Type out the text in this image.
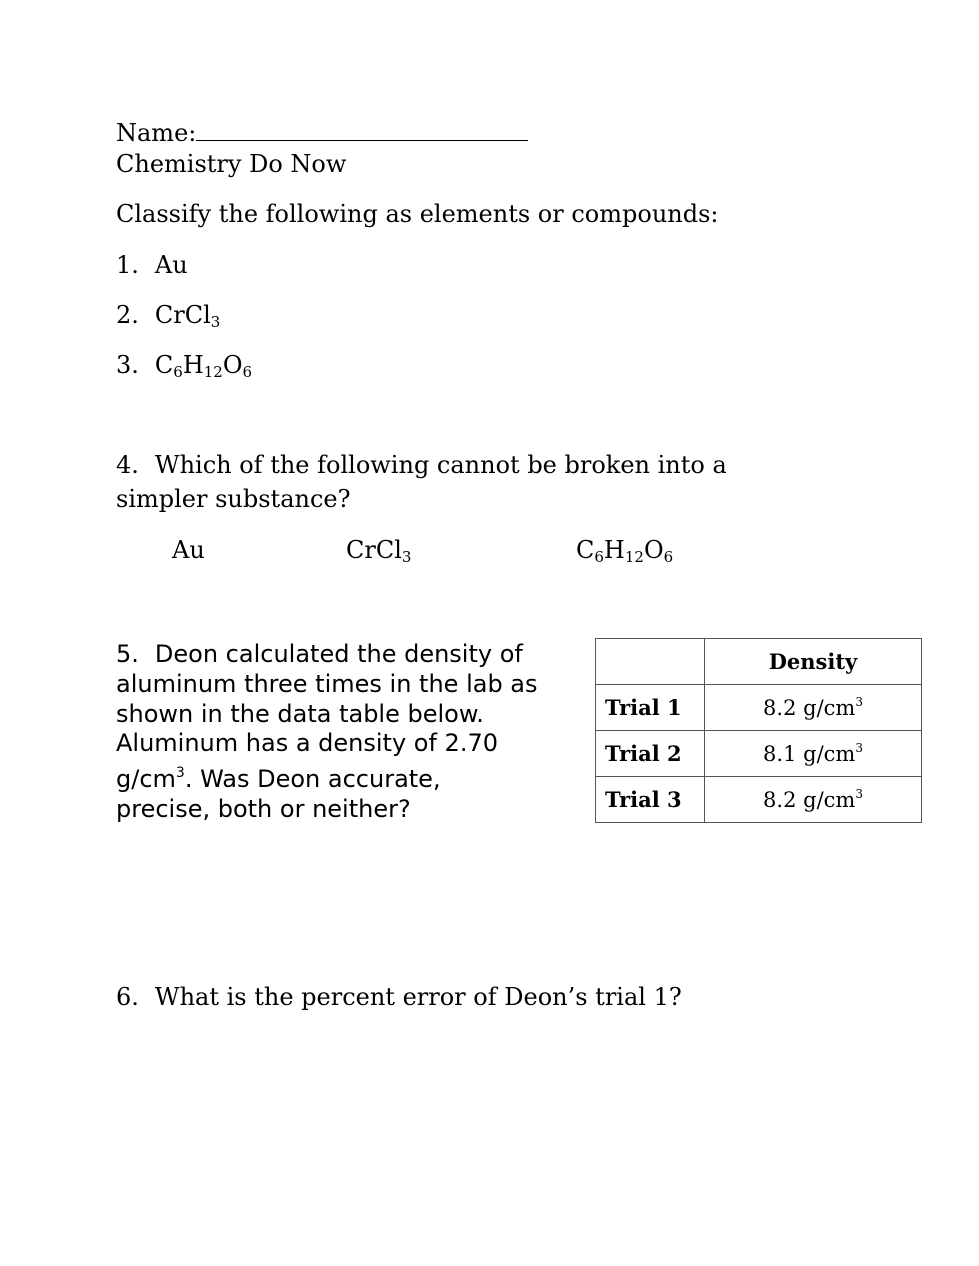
Name:
Chemistry Do Now
Classify the following as elements or compounds:
1. Au
2. CrCl$_3$
3. $C_6H_{12}O_6$
4. Which of the following cannot be broken into a
simpler substance?
Au	CrCl$_3$	$C_6H_{12}O_6$
5. Deon calculated the density of
aluminum three times in the lab as
shown in the data table below.
Aluminum has a density of 2.70
$g/cm^3$. Was Deon accurate,
precise, both or neither?
	Density
Trial 1	8.2 $g/cm^3$
Trial 2	8.1 $g/cm^3$
Trial 3	8.2 $g/cm^3$
6. What is the percent error of Deon’s trial 1?
